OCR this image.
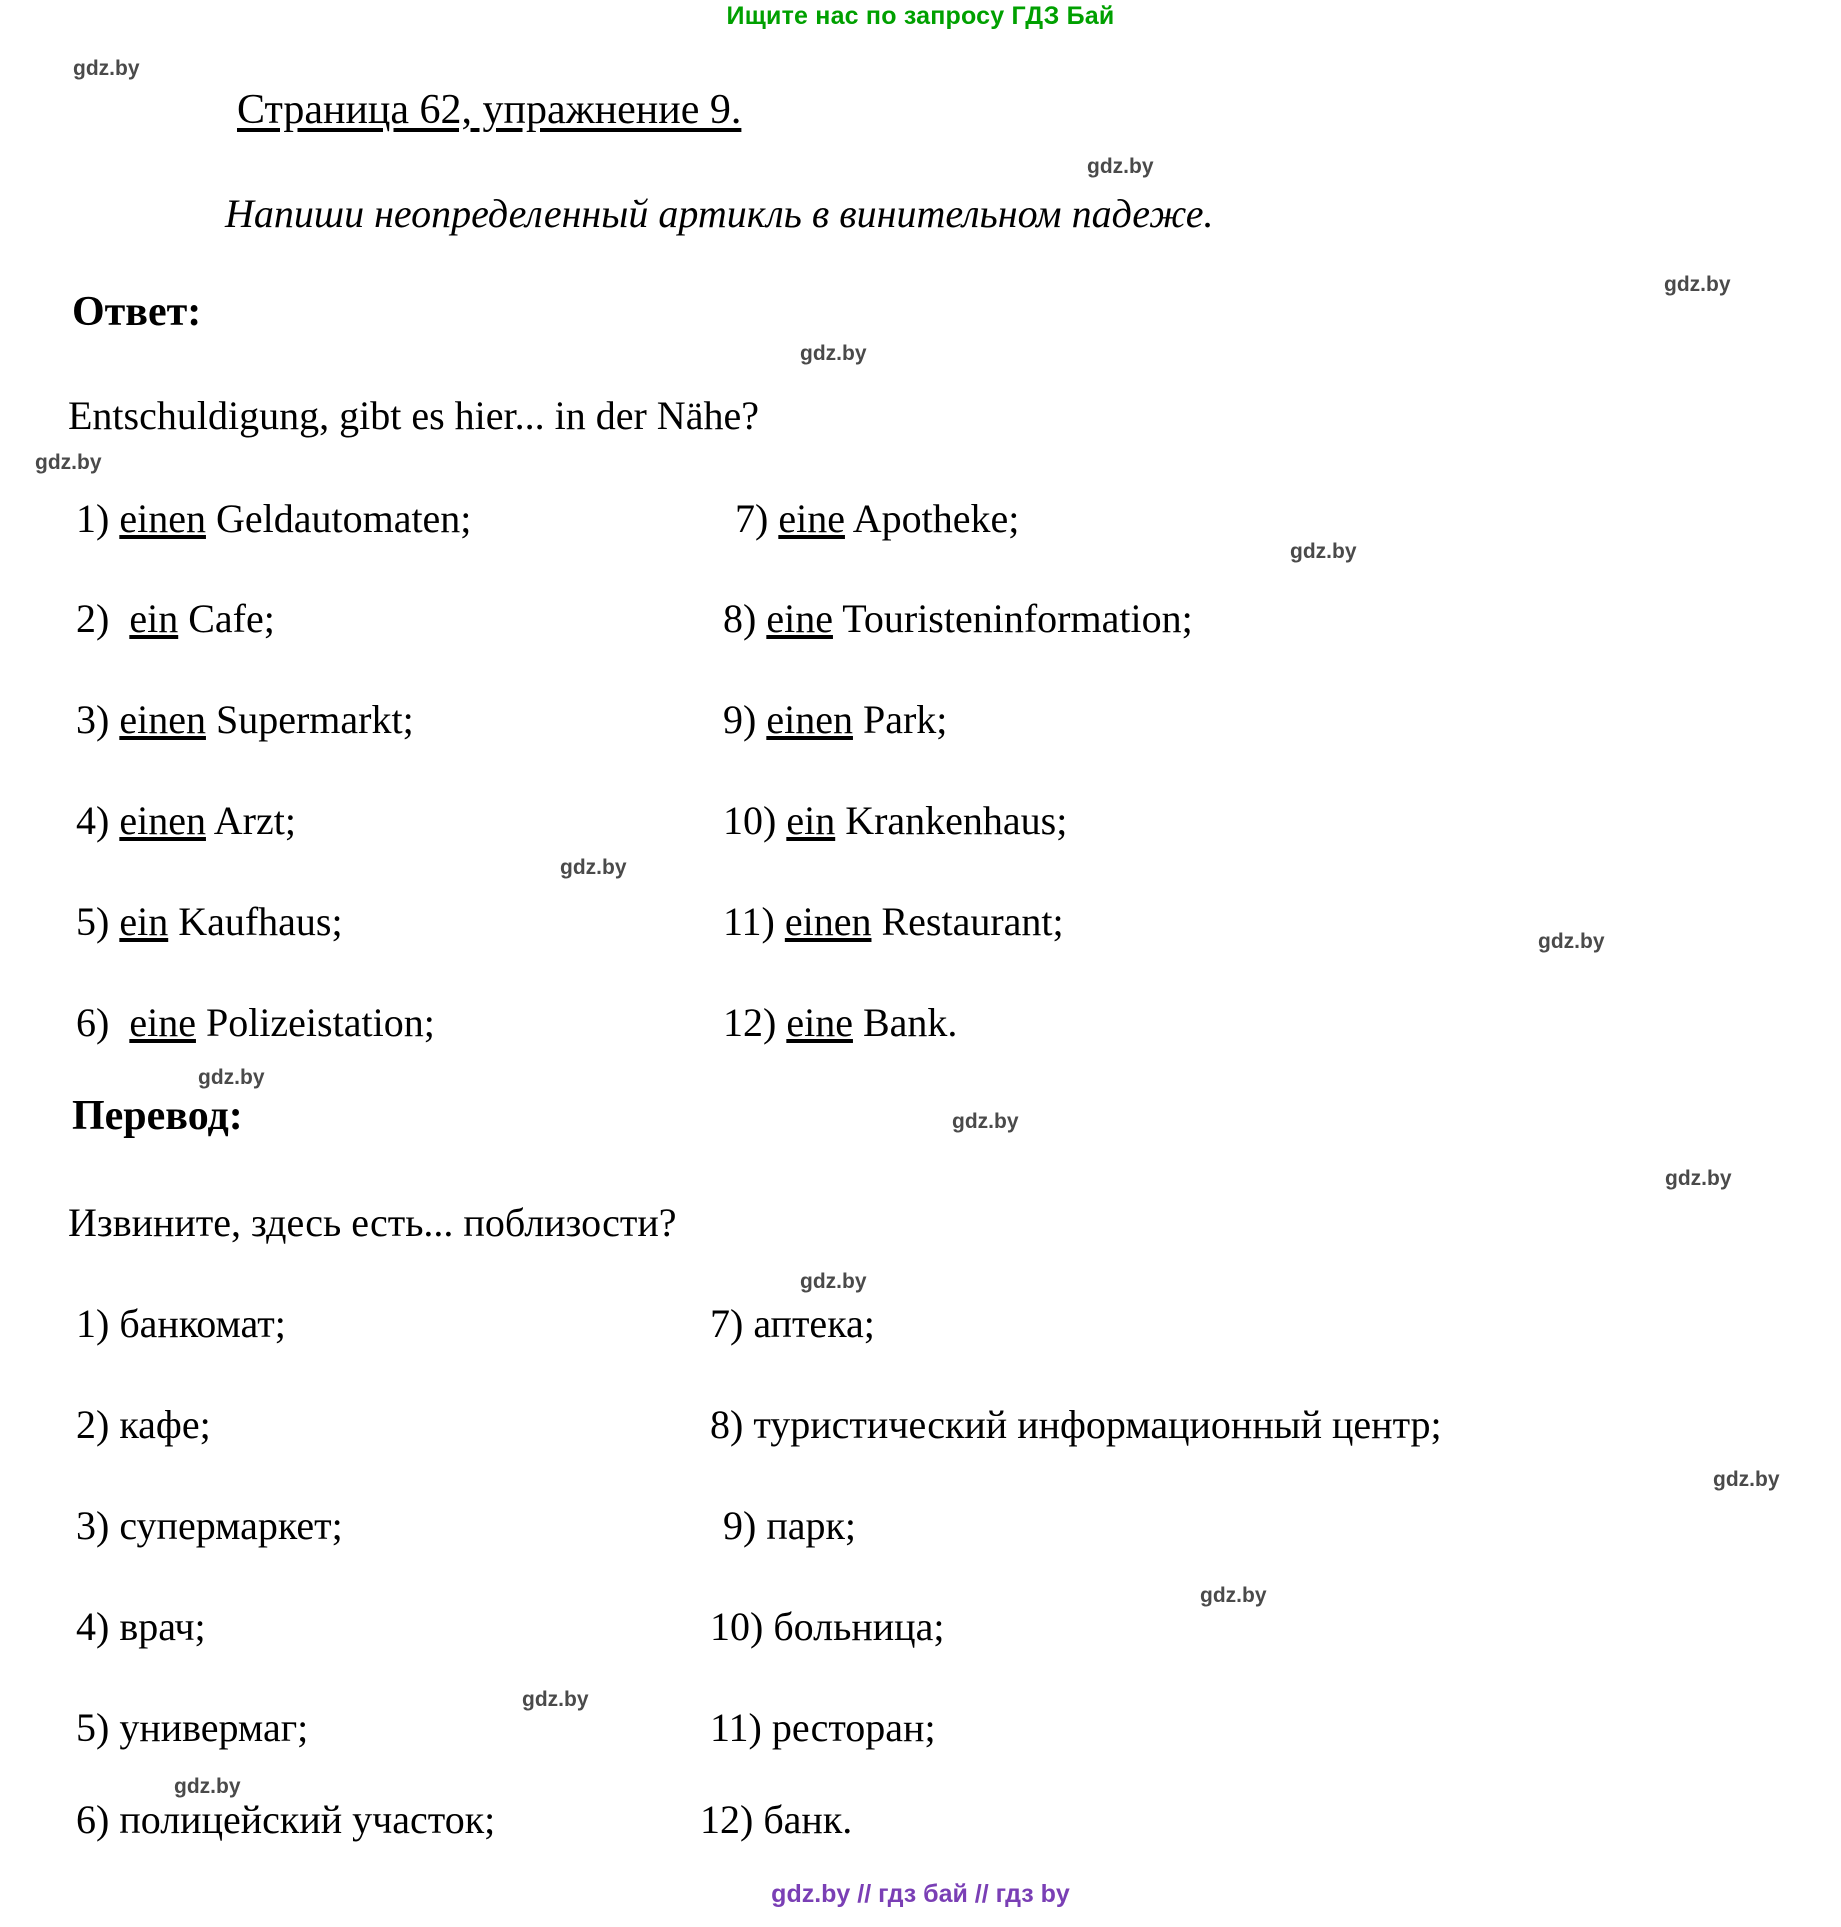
Ищите нас по запросу ГДЗ Бай
gdz.by
gdz.by
gdz.by
gdz.by
gdz.by
gdz.by
gdz.by
gdz.by
gdz.by
gdz.by
gdz.by
gdz.by
gdz.by
gdz.by
gdz.by
gdz.by
Страница 62, упражнение 9.
Напиши неопределенный артикль в винительном падеже.
Ответ:
Entschuldigung, gibt es hier... in der Nähe?
1) einen Geldautomaten;
2) ein Cafe;
3) einen Supermarkt;
4) einen Arzt;
5) ein Kaufhaus;
6) eine Polizeistation;
7) eine Apotheke;
8) eine Touristeninformation;
9) einen Park;
10) ein Krankenhaus;
11) einen Restaurant;
12) eine Bank.
Перевод:
Извините, здесь есть... поблизости?
1) банкомат;
2) кафе;
3) супермаркет;
4) врач;
5) универмаг;
6) полицейский участок;
7) аптека;
8) туристический информационный центр;
9) парк;
10) больница;
11) ресторан;
12) банк.
gdz.by // гдз бай // гдз by
